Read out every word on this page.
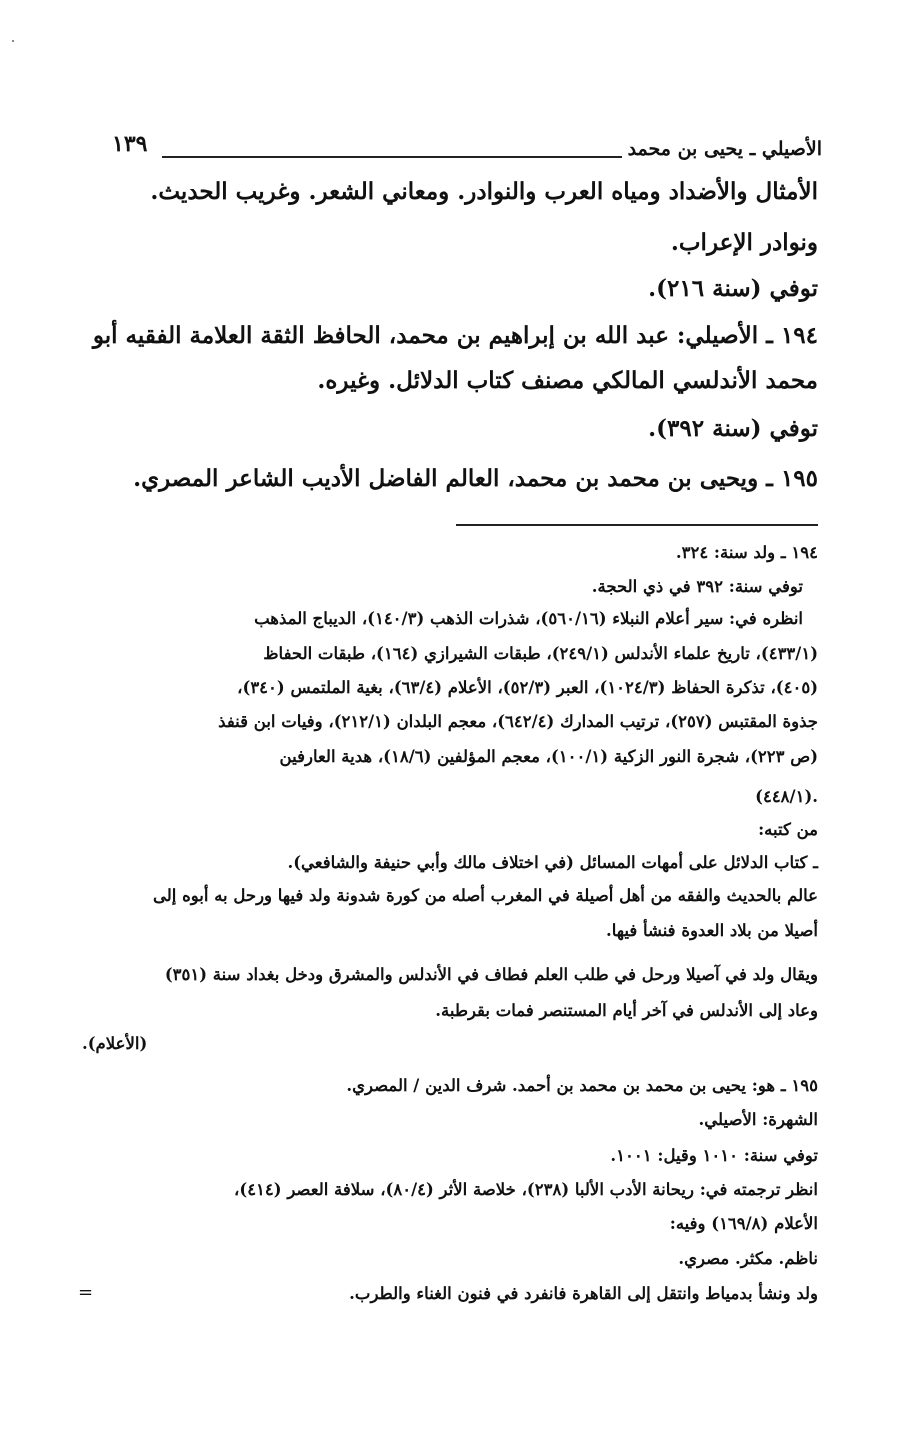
الأصيلي ـ يحيى بن محمد
١٣٩
الأمثال والأضداد ومياه العرب والنوادر. ومعاني الشعر. وغريب الحديث.
ونوادر الإعراب.
توفي (سنة ٢١٦).
١٩٤ ـ الأصيلي: عبد الله بن إبراهيم بن محمد، الحافظ الثقة العلامة الفقيه أبو
محمد الأندلسي المالكي مصنف كتاب الدلائل. وغيره.
توفي (سنة ٣٩٢).
١٩٥ ـ ويحيى بن محمد بن محمد، العالم الفاضل الأديب الشاعر المصري.
١٩٤ ـ ولد سنة: ٣٢٤.
توفي سنة: ٣٩٢ في ذي الحجة.
انظره في: سير أعلام النبلاء (٥٦٠/١٦)، شذرات الذهب (١٤٠/٣)، الديباج المذهب
(٤٣٣/١)، تاريخ علماء الأندلس (٢٤٩/١)، طبقات الشيرازي (١٦٤)، طبقات الحفاظ
(٤٠٥)، تذكرة الحفاظ (١٠٢٤/٣)، العبر (٥٢/٣)، الأعلام (٦٣/٤)، بغية الملتمس (٣٤٠)،
جذوة المقتبس (٢٥٧)، ترتيب المدارك (٦٤٢/٤)، معجم البلدان (٢١٢/١)، وفيات ابن قنفذ
(ص ٢٢٣)، شجرة النور الزكية (١٠٠/١)، معجم المؤلفين (١٨/٦)، هدية العارفين
(٤٤٨/١).
من كتبه:
ـ كتاب الدلائل على أمهات المسائل (في اختلاف مالك وأبي حنيفة والشافعي).
عالم بالحديث والفقه من أهل أصيلة في المغرب أصله من كورة شدونة ولد فيها ورحل به أبوه إلى
أصيلا من بلاد العدوة فنشأ فيها.
ويقال ولد في آصيلا ورحل في طلب العلم فطاف في الأندلس والمشرق ودخل بغداد سنة (٣٥١)
وعاد إلى الأندلس في آخر أيام المستنصر فمات بقرطبة.
(الأعلام).
١٩٥ ـ هو: يحيى بن محمد بن محمد بن أحمد. شرف الدين / المصري.
الشهرة: الأصيلي.
توفي سنة: ١٠١٠ وقيل: ١٠٠١.
انظر ترجمته في: ريحانة الأدب الألبا (٢٣٨)، خلاصة الأثر (٨٠/٤)، سلافة العصر (٤١٤)،
الأعلام (١٦٩/٨) وفيه:
ناظم. مكثر. مصري.
ولد ونشأ بدمياط وانتقل إلى القاهرة فانفرد في فنون الغناء والطرب.
=
